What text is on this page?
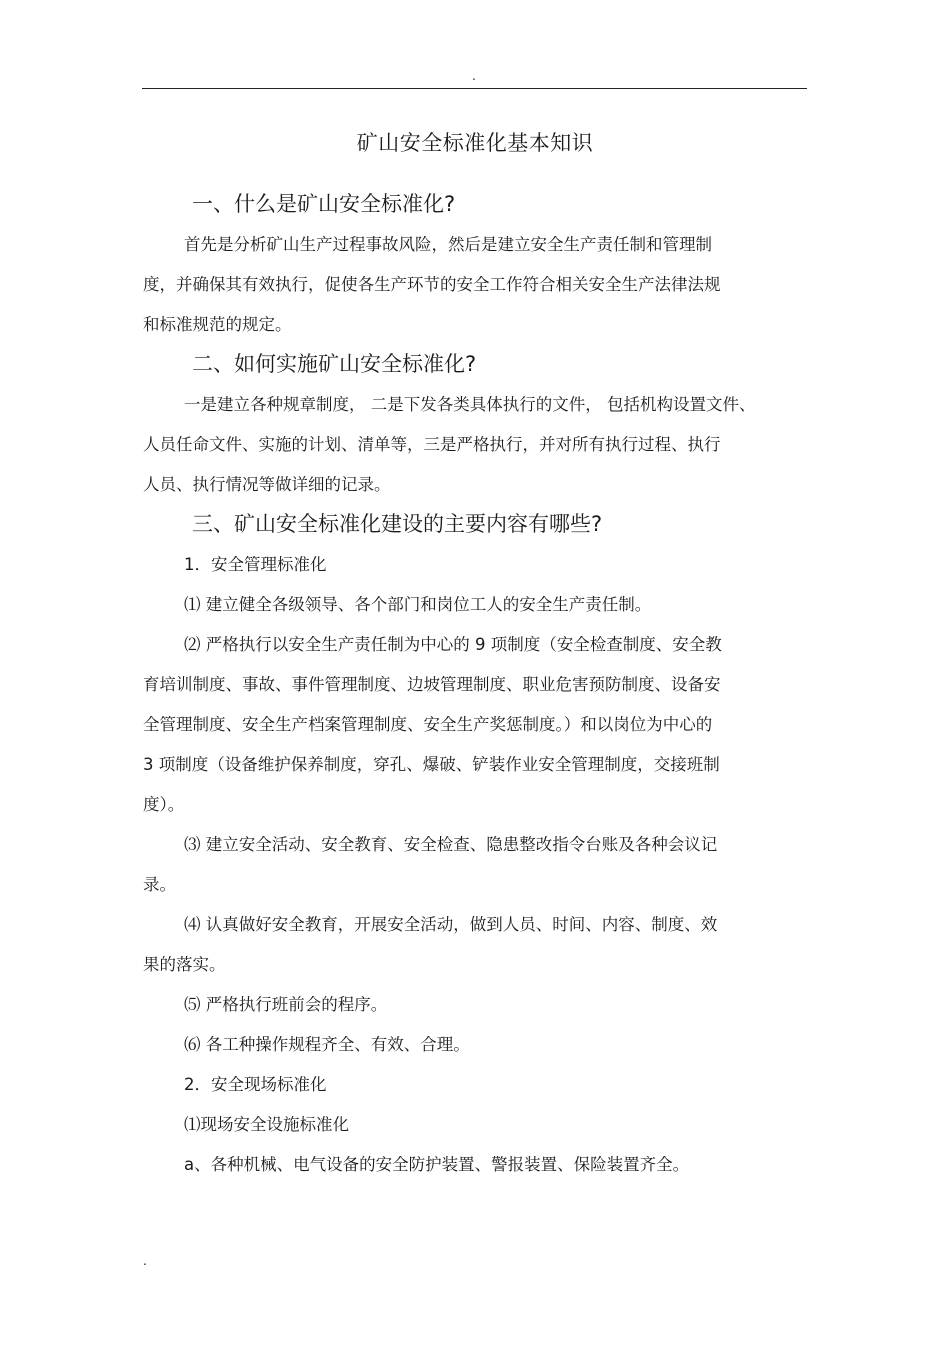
.
矿山安全标准化基本知识
一、什么是矿山安全标准化?
首先是分析矿山生产过程事故风险，然后是建立安全生产责任制和管理制
度，并确保其有效执行，促使各生产环节的安全工作符合相关安全生产法律法规
和标准规范的规定。
二、如何实施矿山安全标准化?
一是建立各种规章制度， 二是下发各类具体执行的文件， 包括机构设置文件、
人员任命文件、实施的计划、清单等，三是严格执行，并对所有执行过程、执行
人员、执行情况等做详细的记录。
三、矿山安全标准化建设的主要内容有哪些?
1．安全管理标准化
⑴ 建立健全各级领导、各个部门和岗位工人的安全生产责任制。
⑵ 严格执行以安全生产责任制为中心的 9 项制度（安全检查制度、安全教
育培训制度、事故、事件管理制度、边坡管理制度、职业危害预防制度、设备安
全管理制度、安全生产档案管理制度、安全生产奖惩制度。）和以岗位为中心的
3 项制度（设备维护保养制度，穿孔、爆破、铲装作业安全管理制度，交接班制
度）。
⑶ 建立安全活动、安全教育、安全检查、隐患整改指令台账及各种会议记
录。
⑷ 认真做好安全教育，开展安全活动，做到人员、时间、内容、制度、效
果的落实。
⑸ 严格执行班前会的程序。
⑹ 各工种操作规程齐全、有效、合理。
2．安全现场标准化
⑴现场安全设施标准化
a、各种机械、电气设备的安全防护装置、警报装置、保险装置齐全。
.
